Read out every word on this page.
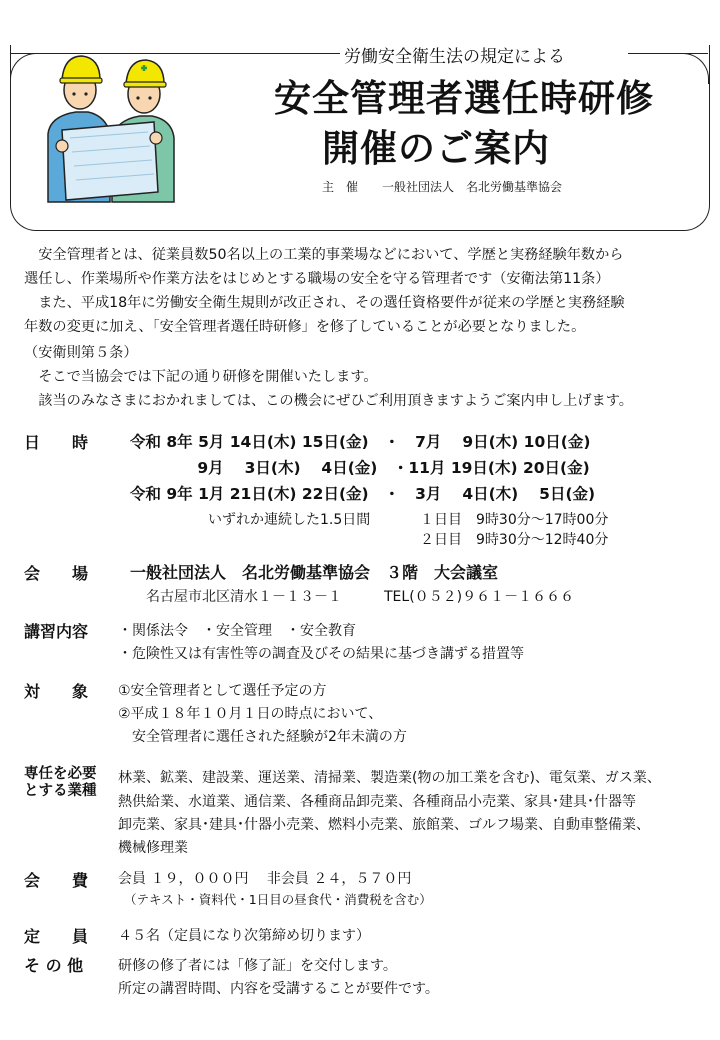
労働安全衛生法の規定による
安全管理者選任時研修
開催のご案内
主　催　　一般社団法人　名北労働基準協会
　安全管理者とは、従業員数50名以上の工業的事業場などにおいて、学歴と実務経験年数から
選任し、作業場所や作業方法をはじめとする職場の安全を守る管理者です（安衛法第11条）
　また、平成18年に労働安全衛生規則が改正され、その選任資格要件が従来の学歴と実務経験
年数の変更に加え、「安全管理者選任時研修」を修了していることが必要となりました。
（安衛則第５条）
　そこで当協会では下記の通り研修を開催いたします。
　該当のみなさまにおかれましては、この機会にぜひご利用頂きますようご案内申し上げます。
日　　時	令和 8年 5月 14日(木) 15日(金)　・　7月　 9日(木) 10日(金)
　　　　 9月 　3日(木) 　4日(金)　・11月 19日(木) 20日(金)
令和 9年 1月 21日(木) 22日(金)　・　3月 　4日(木) 　5日(金)
いずれか連続した1.5日間	１日目　9時30分～17時00分
２日目　9時30分～12時40分
会　　場	一般社団法人　名北労働基準協会　３階　大会議室
名古屋市北区清水１－１３－１　　　TEL(０５２)９６１－１６６６
講習内容 ・関係法令　・安全管理　・安全教育
・危険性又は有害性等の調査及びその結果に基づき講ずる措置等
対　　象 ①安全管理者として選任予定の方
②平成１８年１０月１日の時点において、
　安全管理者に選任された経験が2年未満の方
専任を必要
とする業種
林業、鉱業、建設業、運送業、清掃業、製造業(物の加工業を含む)、電気業、ガス業、
熱供給業、水道業、通信業、各種商品卸売業、各種商品小売業、家具･建具･什器等
卸売業、家具･建具･什器小売業、燃料小売業、旅館業、ゴルフ場業、自動車整備業、
機械修理業
会　　費 会員 １９，０００円　 非会員 ２４，５７０円
（テキスト・資料代・1日目の昼食代・消費税を含む）
定　　員 ４５名（定員になり次第締め切ります）
そ の 他 研修の修了者には「修了証」を交付します。
所定の講習時間、内容を受講することが要件です。
